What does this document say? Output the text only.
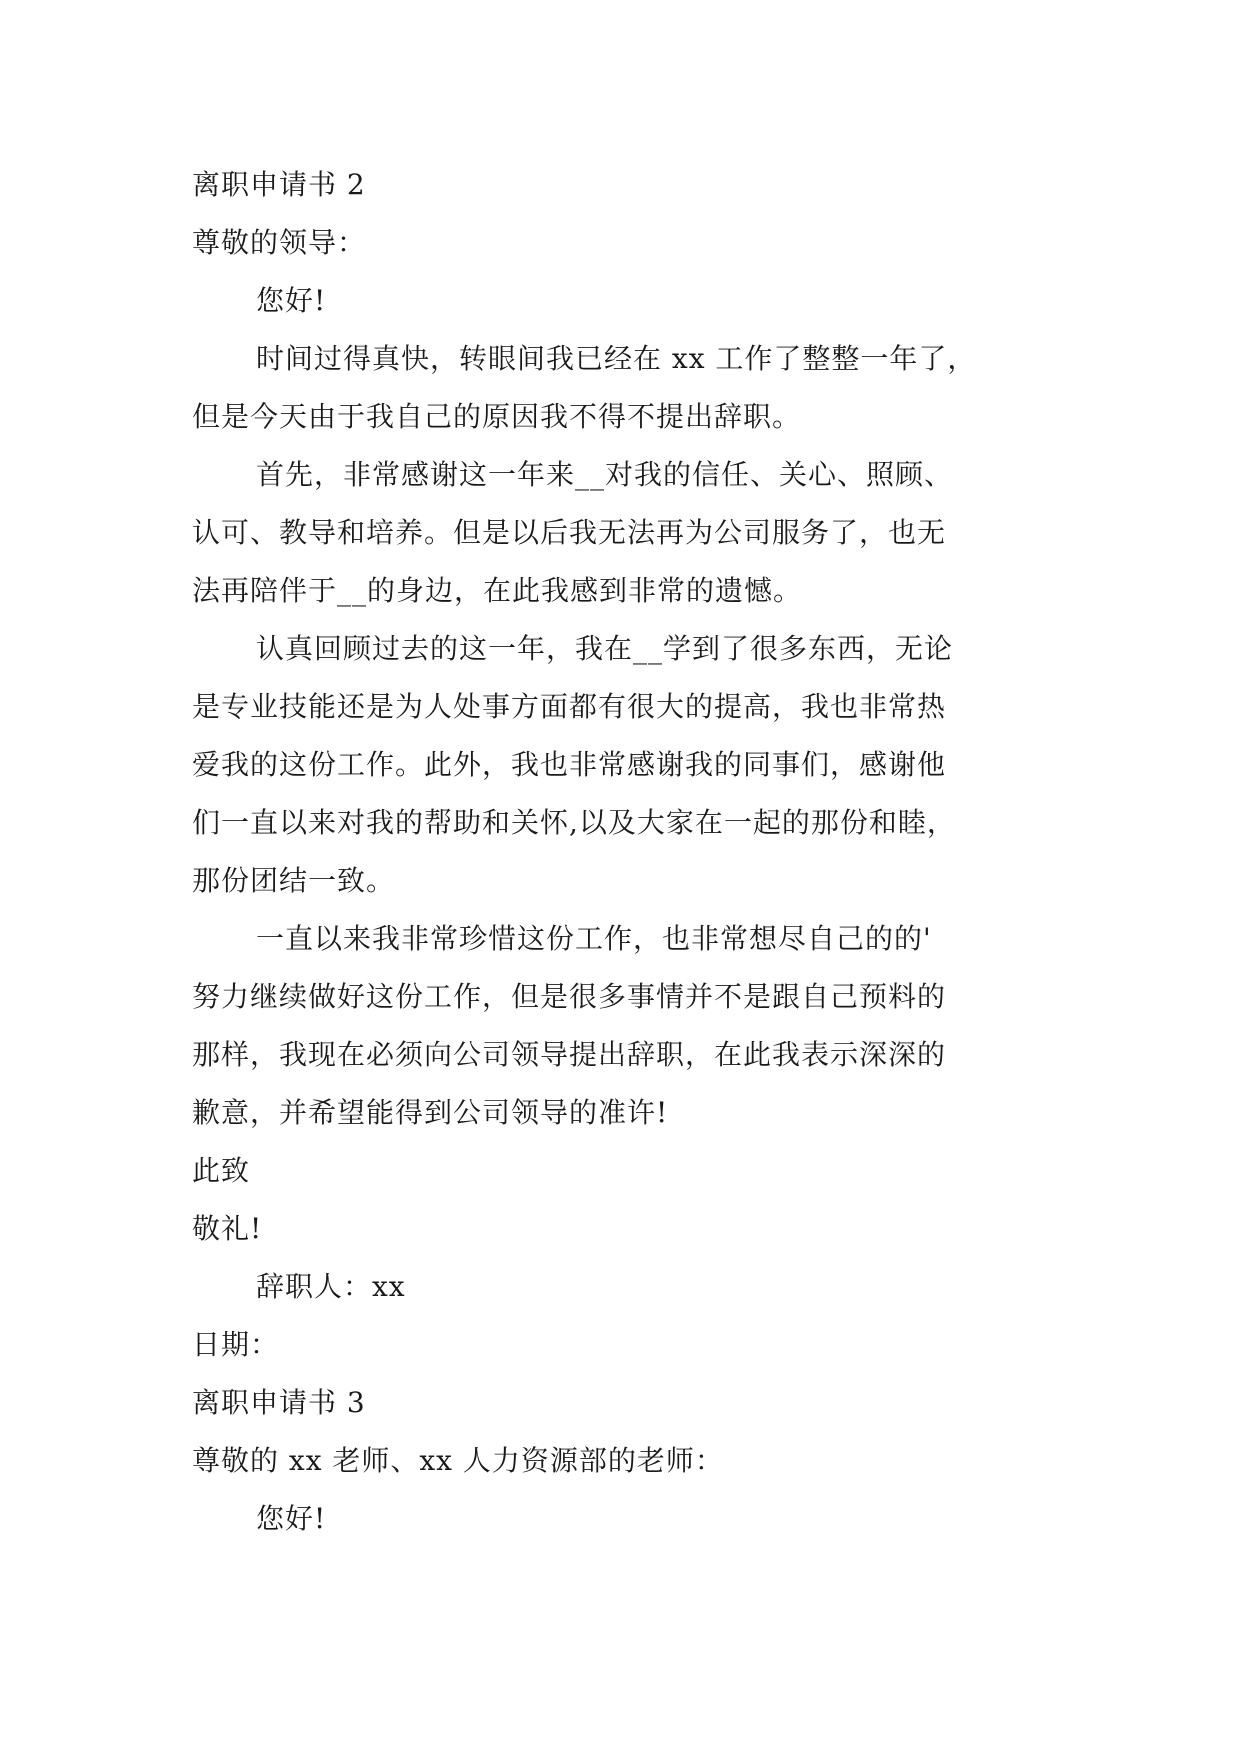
离职申请书 2
尊敬的领导：
您好!
时间过得真快，转眼间我已经在 xx 工作了整整一年了，
但是今天由于我自己的原因我不得不提出辞职。
首先，非常感谢这一年来__对我的信任、关心、照顾、
认可、教导和培养。但是以后我无法再为公司服务了，也无
法再陪伴于__的身边，在此我感到非常的遗憾。
认真回顾过去的这一年，我在__学到了很多东西，无论
是专业技能还是为人处事方面都有很大的提高，我也非常热
爱我的这份工作。此外，我也非常感谢我的同事们，感谢他
们一直以来对我的帮助和关怀,以及大家在一起的那份和睦，
那份团结一致。
一直以来我非常珍惜这份工作，也非常想尽自己的的'
努力继续做好这份工作，但是很多事情并不是跟自己预料的
那样，我现在必须向公司领导提出辞职，在此我表示深深的
歉意，并希望能得到公司领导的准许!
此致
敬礼!
辞职人：xx
日期：
离职申请书 3
尊敬的 xx 老师、xx 人力资源部的老师：
您好!
